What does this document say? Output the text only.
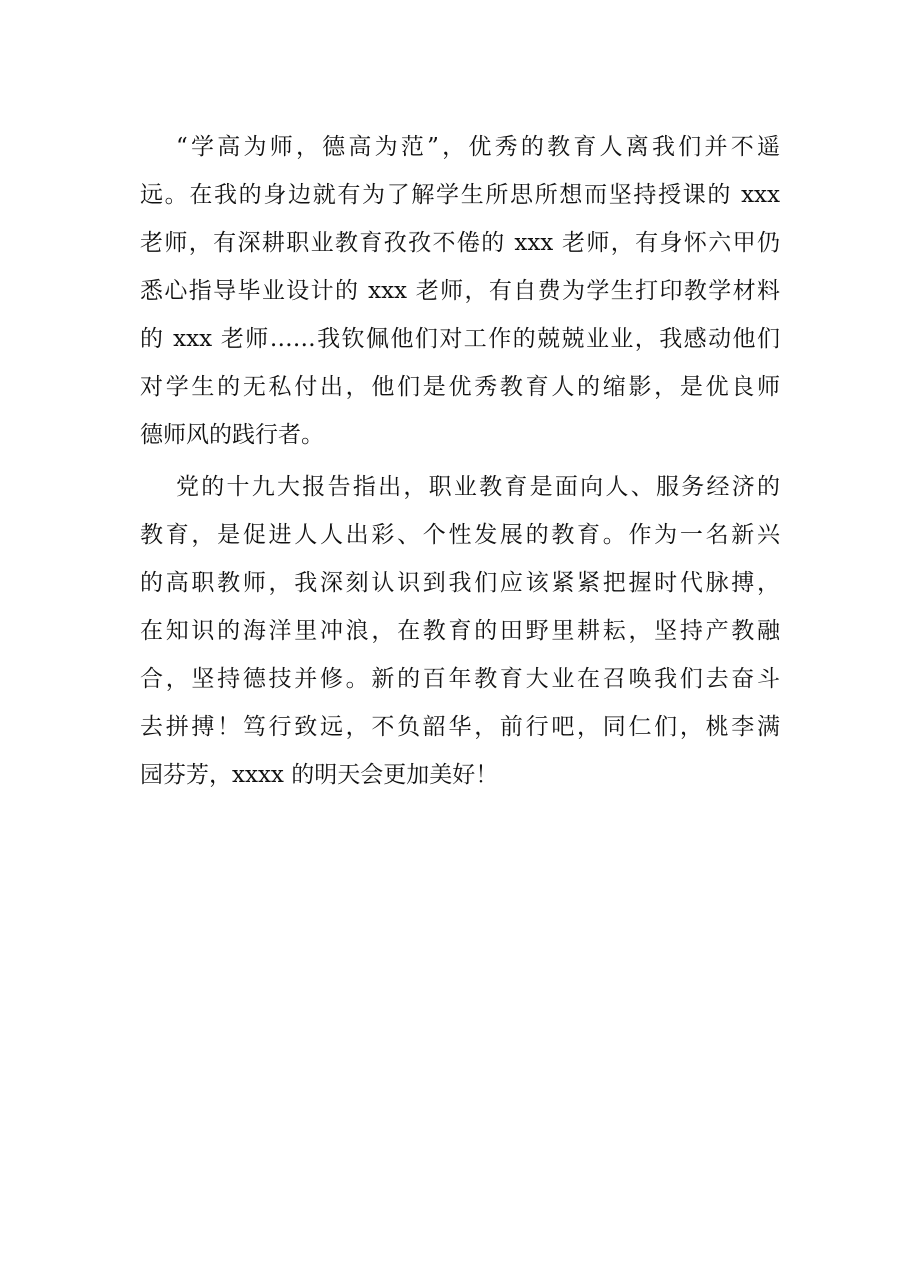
“学高为师，德高为范”，优秀的教育人离我们并不遥
远。在我的身边就有为了解学生所思所想而坚持授课的 xxx
老师，有深耕职业教育孜孜不倦的 xxx 老师，有身怀六甲仍
悉心指导毕业设计的 xxx 老师，有自费为学生打印教学材料
的 xxx 老师……我钦佩他们对工作的兢兢业业，我感动他们
对学生的无私付出，他们是优秀教育人的缩影，是优良师
德师风的践行者。
党的十九大报告指出，职业教育是面向人、服务经济的
教育，是促进人人出彩、个性发展的教育。作为一名新兴
的高职教师，我深刻认识到我们应该紧紧把握时代脉搏，
在知识的海洋里冲浪，在教育的田野里耕耘，坚持产教融
合，坚持德技并修。新的百年教育大业在召唤我们去奋斗
去拼搏！笃行致远，不负韶华，前行吧，同仁们，桃李满
园芬芳，xxxx 的明天会更加美好！
